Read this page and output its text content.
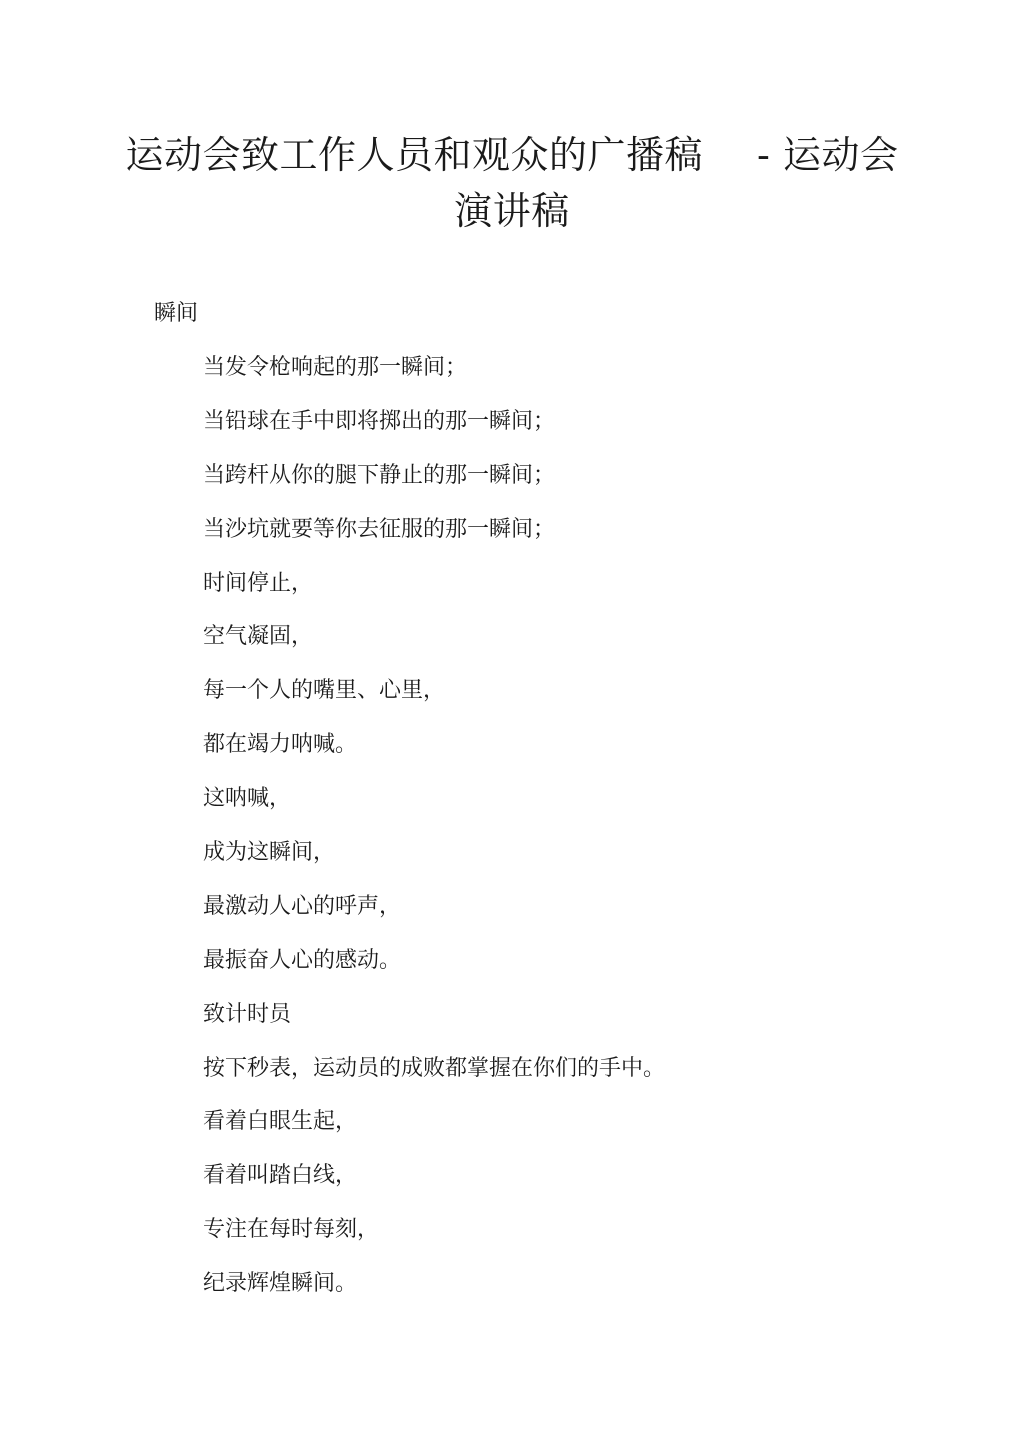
运动会致工作人员和观众的广播稿 - 运动会
演讲稿
瞬间
当发令枪响起的那一瞬间；
当铅球在手中即将掷出的那一瞬间；
当跨杆从你的腿下静止的那一瞬间；
当沙坑就要等你去征服的那一瞬间；
时间停止，
空气凝固，
每一个人的嘴里、心里，
都在竭力呐喊。
这呐喊，
成为这瞬间，
最激动人心的呼声，
最振奋人心的感动。
致计时员
按下秒表，运动员的成败都掌握在你们的手中。
看着白眼生起，
看着叫踏白线，
专注在每时每刻，
纪录辉煌瞬间。
